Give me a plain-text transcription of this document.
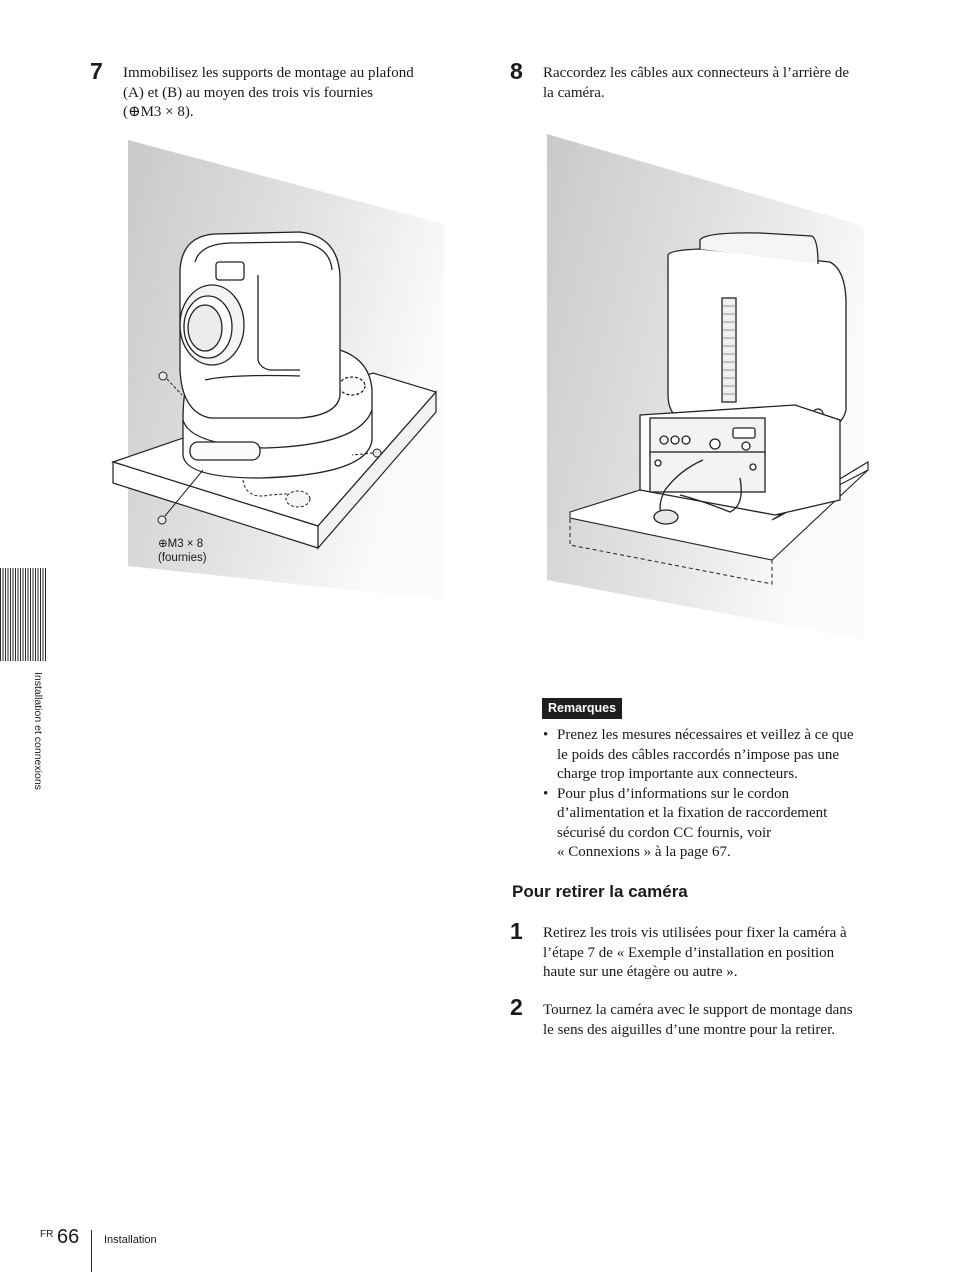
7 Immobilisez les supports de montage au plafond
(A) et (B) au moyen des trois vis fournies
(⊕M3 × 8).
⊕M3 × 8
(fournies)
8 Raccordez les câbles aux connecteurs à l’arrière de
la caméra.
Remarques
• Prenez les mesures nécessaires et veillez à ce que
le poids des câbles raccordés n’impose pas une
charge trop importante aux connecteurs.
• Pour plus d’informations sur le cordon
d’alimentation et la fixation de raccordement
sécurisé du cordon CC fournis, voir
« Connexions » à la page 67.
Pour retirer la caméra
1 Retirez les trois vis utilisées pour fixer la caméra à
l’étape 7 de « Exemple d’installation en position
haute sur une étagère ou autre ».
2 Tournez la caméra avec le support de montage dans
le sens des aiguilles d’une montre pour la retirer.
Installation et connexions
FR 66 Installation
